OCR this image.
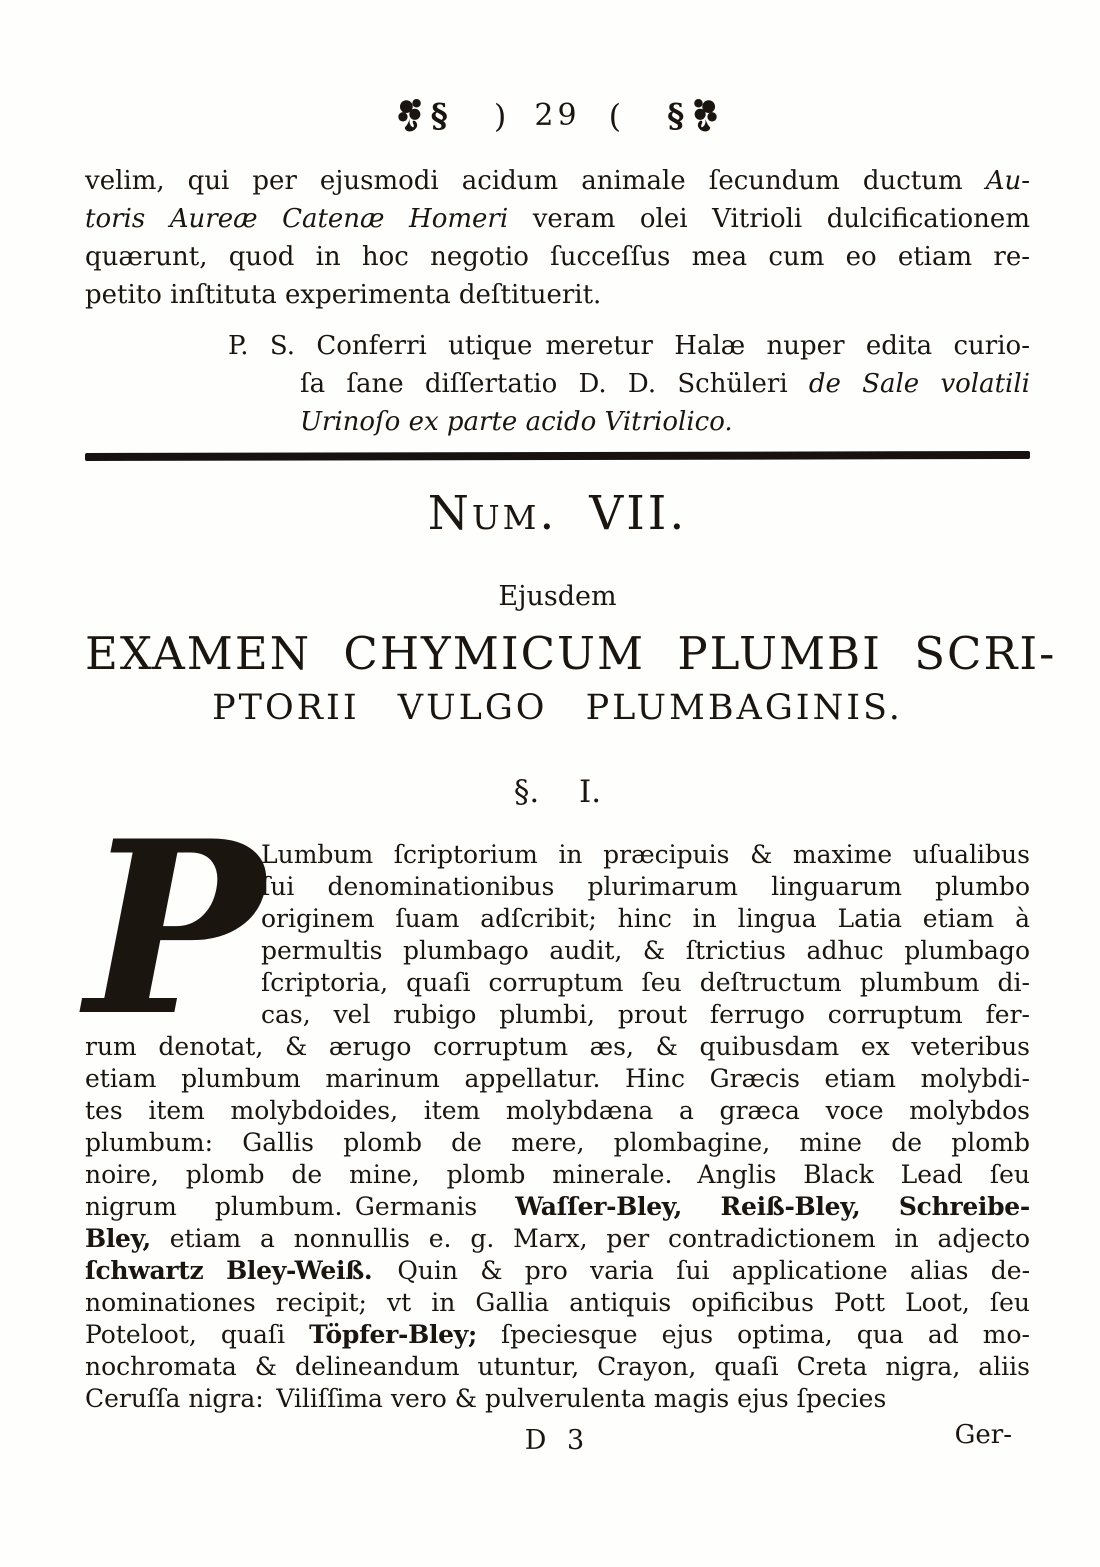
§ ) 29 ( §
velim, qui per ejusmodi acidum animale ſecundum ductum Au-
toris Aureæ Catenæ Homeri veram olei Vitrioli dulcificationem
quærunt, quod in hoc negotio ſucceſſus mea cum eo etiam re-
petito inſtituta experimenta deſtituerit.
P. S. Conferri utique meretur Halæ nuper edita curio-
ſa ſane diſſertatio D. D. Schüleri de Sale volatili
Urinoſo ex parte acido Vitriolico.
Num. VII.
Ejusdem
EXAMEN CHYMICUM PLUMBI SCRI-
PTORII VULGO PLUMBAGINIS.
§. I.
P
Lumbum ſcriptorium in præcipuis & maxime uſualibus
ſui denominationibus plurimarum linguarum plumbo
originem ſuam adſcribit; hinc in lingua Latia etiam à
permultis plumbago audit, & ſtrictius adhuc plumbago
ſcriptoria, quaſi corruptum ſeu deſtructum plumbum di-
cas, vel rubigo plumbi, prout ferrugo corruptum fer-
rum denotat, & ærugo corruptum æs, & quibusdam ex veteribus
etiam plumbum marinum appellatur. Hinc Græcis etiam molybdi-
tes item molybdoides, item molybdæna a græca voce molybdos
plumbum: Gallis plomb de mere, plombagine, mine de plomb
noire, plomb de mine, plomb minerale. Anglis Black Lead ſeu
nigrum plumbum. Germanis Waſſer-Bley, Reiß-Bley, Schreibe-
Bley, etiam a nonnullis e. g. Marx, per contradictionem in adjecto
ſchwartz Bley-Weiß. Quin & pro varia ſui applicatione alias de-
nominationes recipit; vt in Gallia antiquis opificibus Pott Loot, ſeu
Poteloot, quaſi Töpfer-Bley; ſpeciesque ejus optima, qua ad mo-
nochromata & delineandum utuntur, Crayon, quaſi Creta nigra, aliis
Ceruſſa nigra: Viliſſima vero & pulverulenta magis ejus ſpecies
D 3	Ger-
